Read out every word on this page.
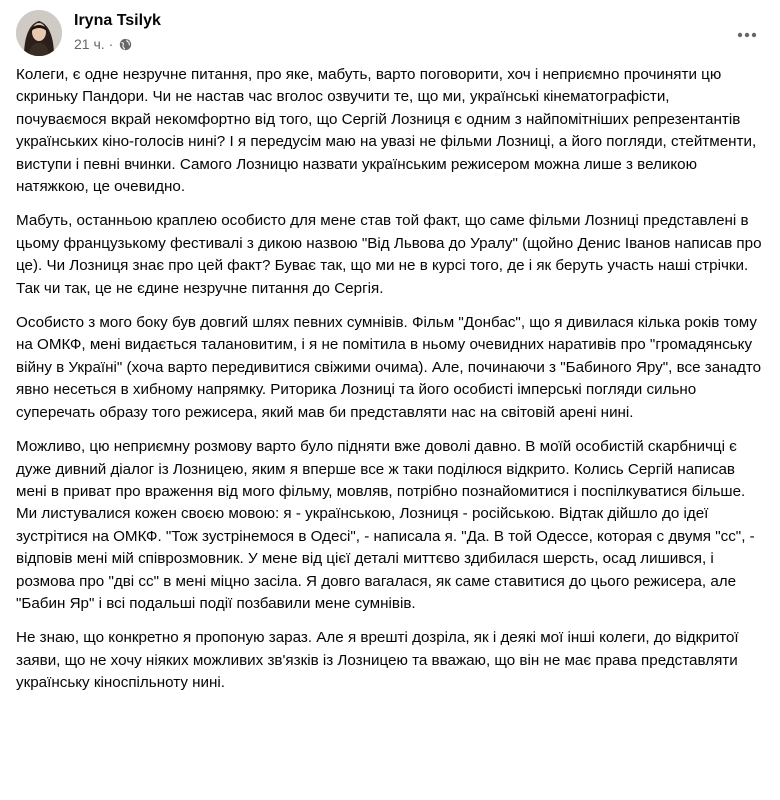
Iryna Tsilyk
21 ч. ·

Колеги, є одне незручне питання, про яке, мабуть, варто поговорити, хоч і неприємно прочиняти цю скриньку Пандори. Чи не настав час вголос озвучити те, що ми, українські кінематографісти, почуваємося вкрай некомфортно від того, що Сергій Лозниця є одним з найпомітніших репрезентантів українських кіно-голосів нині? І я передусім маю на увазі не фільми Лозниці, а його погляди, стейтменти, виступи і певні вчинки. Самого Лозницю назвати українським режисером можна лише з великою натяжкою, це очевидно.

Мабуть, останньою краплею особисто для мене став той факт, що саме фільми Лозниці представлені в цьому французькому фестивалі з дикою назвою "Від Львова до Уралу" (щойно Денис Іванов написав про це). Чи Лозниця знає про цей факт? Буває так, що ми не в курсі того, де і як беруть участь наші стрічки. Так чи так, це не єдине незручне питання до Сергія.

Особисто з мого боку був довгий шлях певних сумнівів. Фільм "Донбас", що я дивилася кілька років тому на ОМКФ, мені видається талановитим, і я не помітила в ньому очевидних наративів про "громадянську війну в Україні" (хоча варто передивитися свіжими очима). Але, починаючи з "Бабиного Яру", все занадто явно несеться в хибному напрямку. Риторика Лозниці та його особисті імперські погляди сильно суперечать образу того режисера, який мав би представляти нас на світовій арені нині.

Можливо, цю неприємну розмову варто було підняти вже доволі давно. В моїй особистій скарбничці є дуже дивний діалог із Лозницею, яким я вперше все ж таки поділюся відкрито. Колись Сергій написав мені в приват про враження від мого фільму, мовляв, потрібно познайомитися і поспілкуватися більше. Ми листувалися кожен своєю мовою: я - українською, Лозниця - російською. Відтак дійшло до ідеї зустрітися на ОМКФ. "Тож зустрінемося в Одесі", - написала я. "Да. В той Одессе, которая с двумя "сс", - відповів мені мій співрозмовник. У мене від цієї деталі миттєво здибилася шерсть, осад лишився, і розмова про "дві сс" в мені міцно засіла. Я довго вагалася, як саме ставитися до цього режисера, але "Бабин Яр" і всі подальші події позбавили мене сумнівів.

Не знаю, що конкретно я пропоную зараз. Але я врешті дозріла, як і деякі мої інші колеги, до відкритої заяви, що не хочу ніяких можливих зв'язків із Лозницею та вважаю, що він не має права представляти українську кіноспільноту нині.
